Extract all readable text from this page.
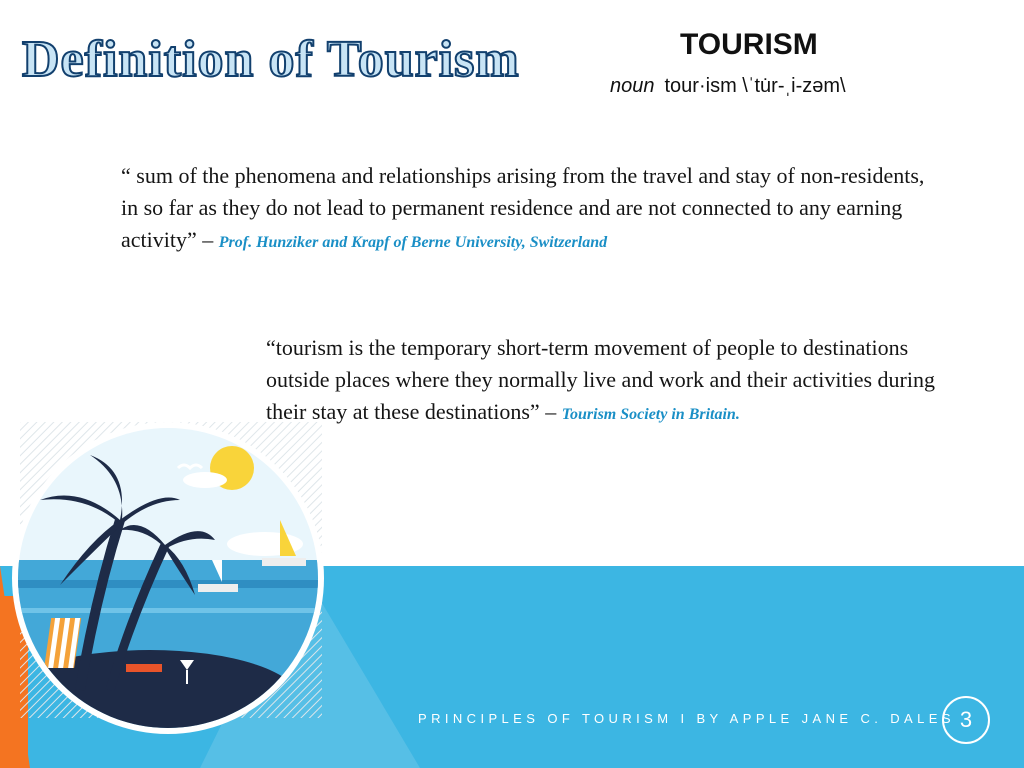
Definition of Tourism	TOURISM
noun tour·ism \ˈtu̇r-ˌi-zəm\
“ sum of the phenomena and relationships arising from the travel and stay of non-residents, in so far as they do not lead to permanent residence and are not connected to any earning activity” – Prof. Hunziker and Krapf of Berne University, Switzerland
“tourism is the temporary short-term movement of people to destinations outside places where they normally live and work and their activities during their stay at these destinations” – Tourism Society in Britain.
PRINCIPLES OF TOURISM I BY APPLE JANE C. DALES 3
